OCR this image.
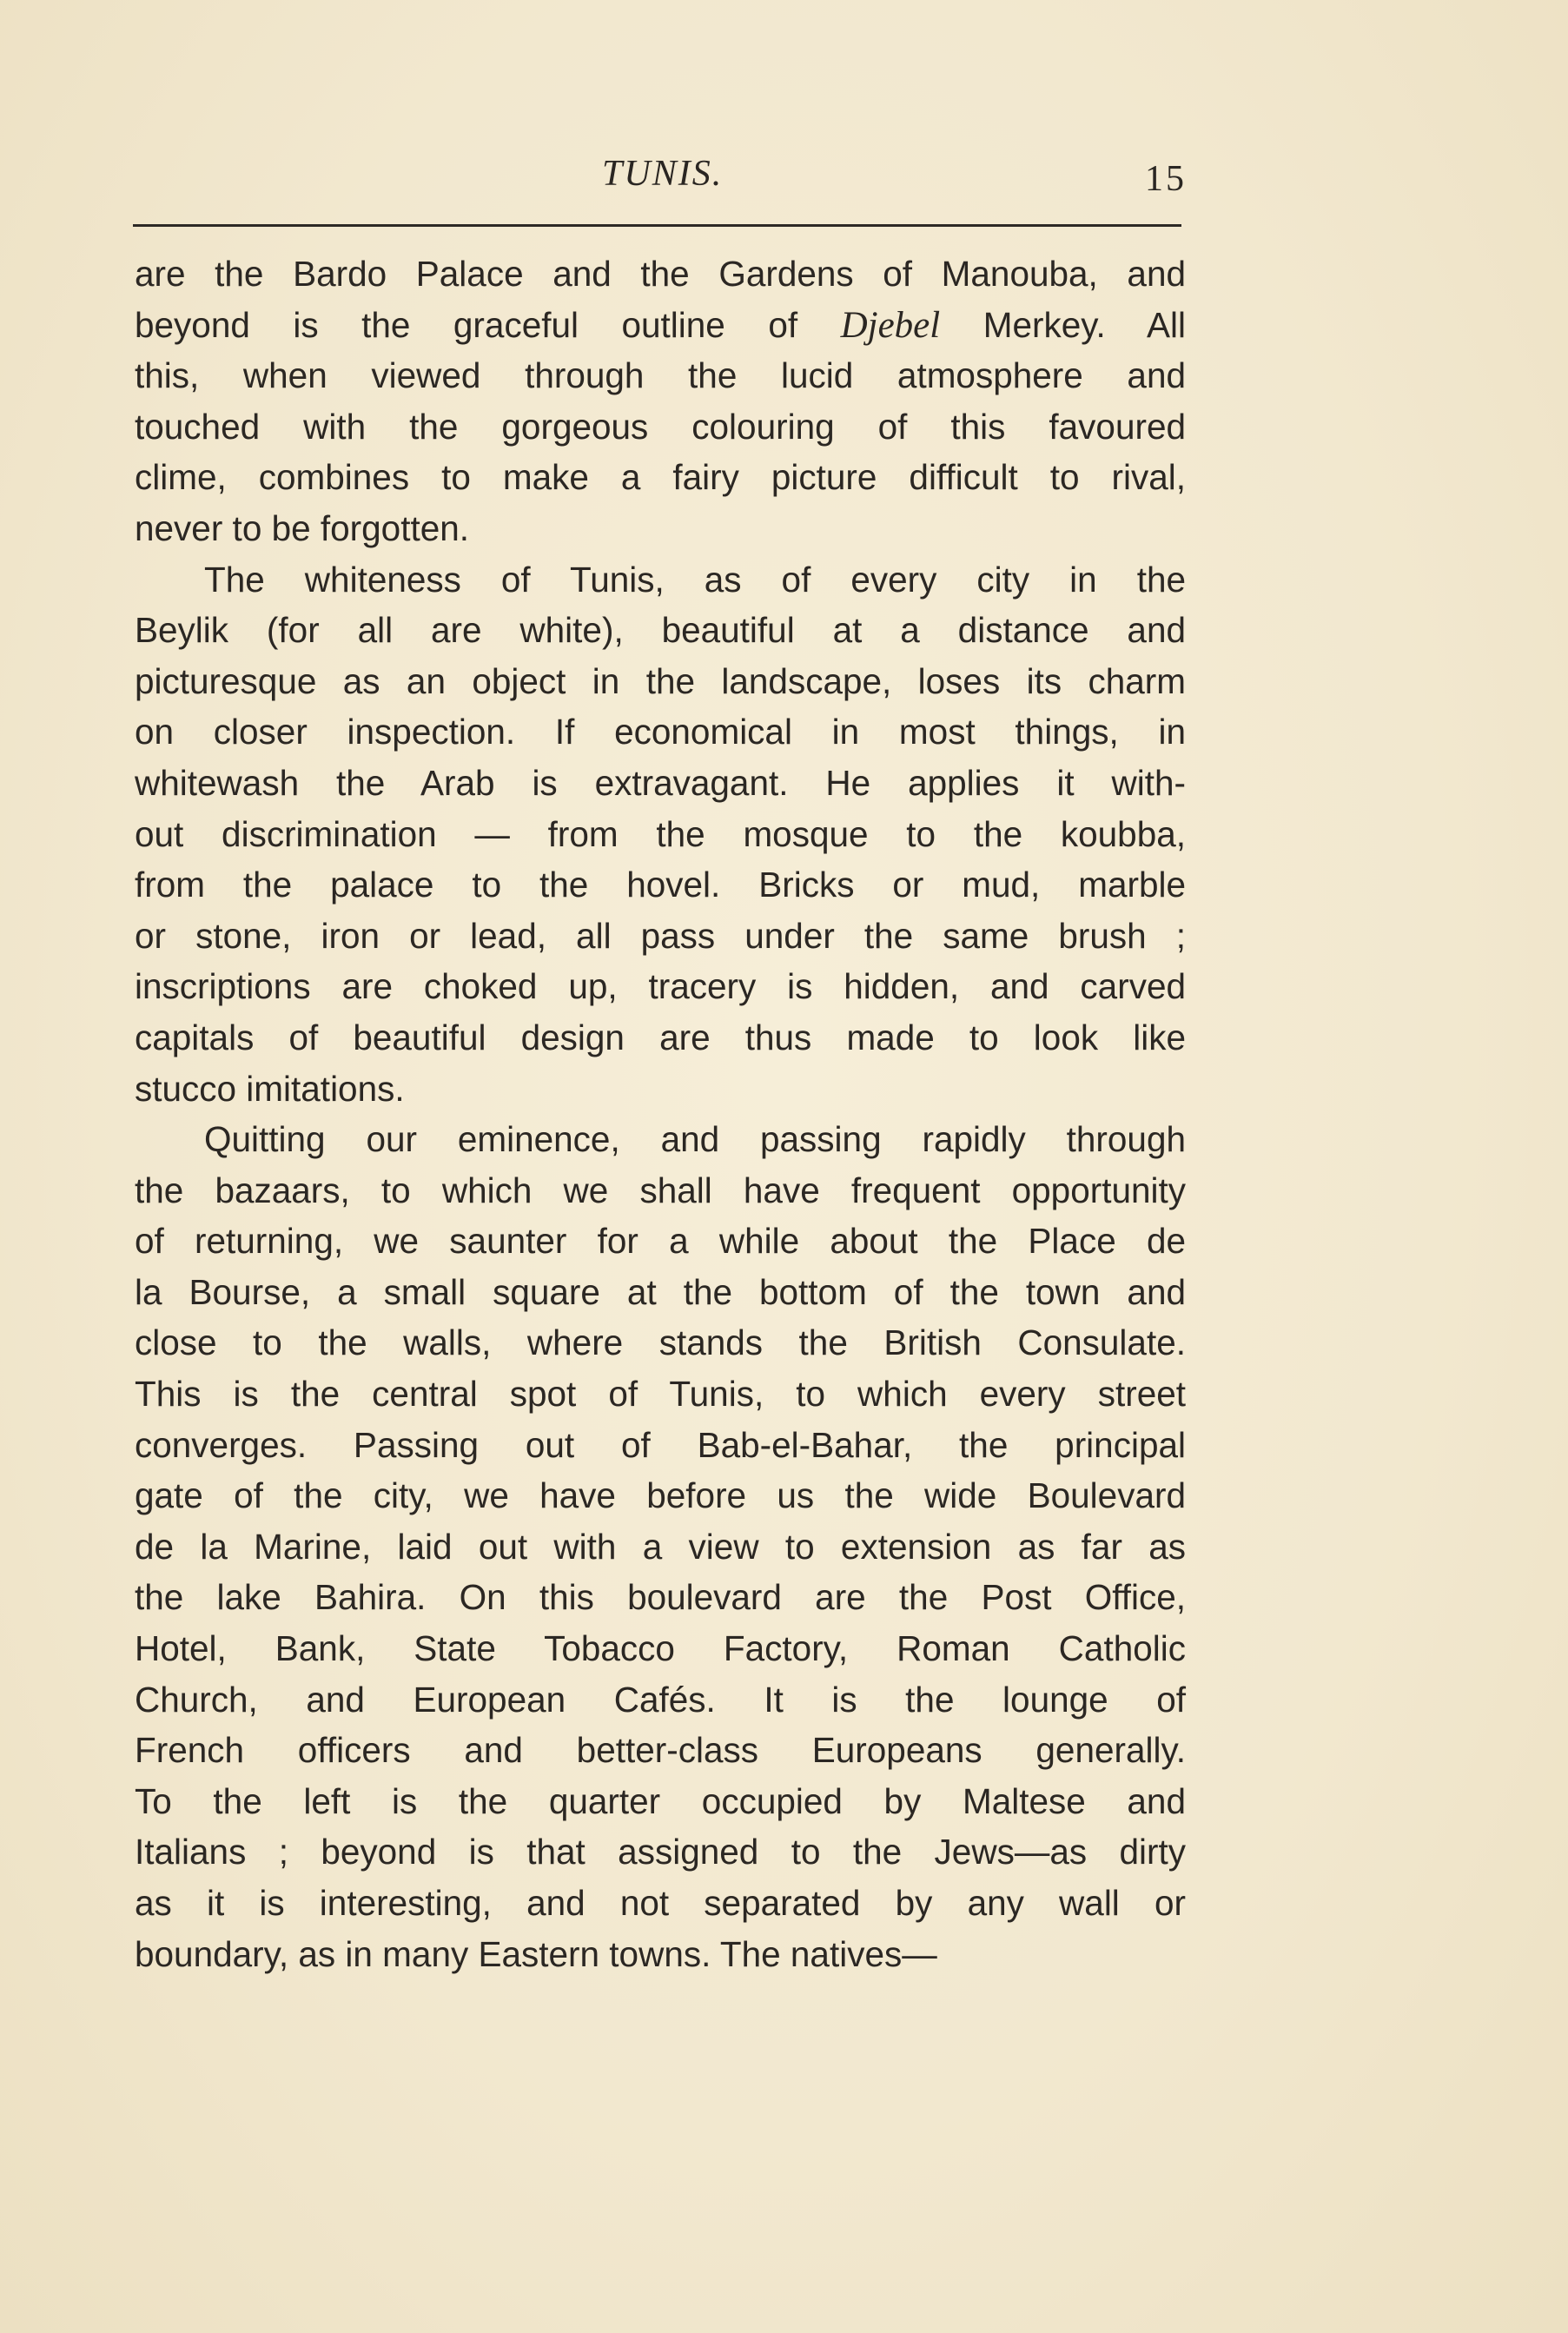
TUNIS.	15
are the Bardo Palace and the Gardens of Manouba, and
beyond is the graceful outline of Djebel Merkey. All
this, when viewed through the lucid atmosphere and
touched with the gorgeous colouring of this favoured
clime, combines to make a fairy picture difficult to rival,
never to be forgotten.
The whiteness of Tunis, as of every city in the
Beylik (for all are white), beautiful at a distance and
picturesque as an object in the landscape, loses its charm
on closer inspection. If economical in most things, in
whitewash the Arab is extravagant. He applies it with-
out discrimination — from the mosque to the koubba,
from the palace to the hovel. Bricks or mud, marble
or stone, iron or lead, all pass under the same brush ;
inscriptions are choked up, tracery is hidden, and carved
capitals of beautiful design are thus made to look like
stucco imitations.
Quitting our eminence, and passing rapidly through
the bazaars, to which we shall have frequent opportunity
of returning, we saunter for a while about the Place de
la Bourse, a small square at the bottom of the town and
close to the walls, where stands the British Consulate.
This is the central spot of Tunis, to which every street
converges. Passing out of Bab-el-Bahar, the principal
gate of the city, we have before us the wide Boulevard
de la Marine, laid out with a view to extension as far as
the lake Bahira. On this boulevard are the Post Office,
Hotel, Bank, State Tobacco Factory, Roman Catholic
Church, and European Cafés. It is the lounge of
French officers and better-class Europeans generally.
To the left is the quarter occupied by Maltese and
Italians ; beyond is that assigned to the Jews—as dirty
as it is interesting, and not separated by any wall or
boundary, as in many Eastern towns. The natives—
